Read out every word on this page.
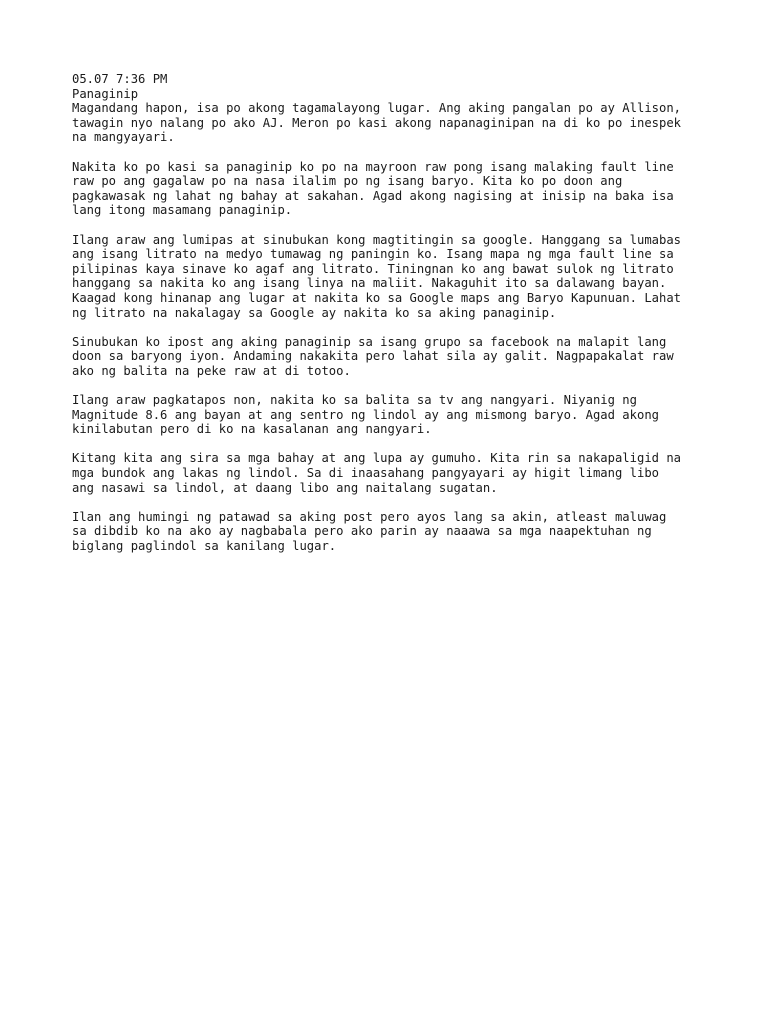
05.07 7:36 PM
Panaginip
Magandang hapon, isa po akong tagamalayong lugar. Ang aking pangalan po ay Allison,
tawagin nyo nalang po ako AJ. Meron po kasi akong napanaginipan na di ko po inespek
na mangyayari.
Nakita ko po kasi sa panaginip ko po na mayroon raw pong isang malaking fault line
raw po ang gagalaw po na nasa ilalim po ng isang baryo. Kita ko po doon ang
pagkawasak ng lahat ng bahay at sakahan. Agad akong nagising at inisip na baka isa
lang itong masamang panaginip.
Ilang araw ang lumipas at sinubukan kong magtitingin sa google. Hanggang sa lumabas
ang isang litrato na medyo tumawag ng paningin ko. Isang mapa ng mga fault line sa
pilipinas kaya sinave ko agaf ang litrato. Tiningnan ko ang bawat sulok ng litrato
hanggang sa nakita ko ang isang linya na maliit. Nakaguhit ito sa dalawang bayan.
Kaagad kong hinanap ang lugar at nakita ko sa Google maps ang Baryo Kapunuan. Lahat
ng litrato na nakalagay sa Google ay nakita ko sa aking panaginip.
Sinubukan ko ipost ang aking panaginip sa isang grupo sa facebook na malapit lang
doon sa baryong iyon. Andaming nakakita pero lahat sila ay galit. Nagpapakalat raw
ako ng balita na peke raw at di totoo.
Ilang araw pagkatapos non, nakita ko sa balita sa tv ang nangyari. Niyanig ng
Magnitude 8.6 ang bayan at ang sentro ng lindol ay ang mismong baryo. Agad akong
kinilabutan pero di ko na kasalanan ang nangyari.
Kitang kita ang sira sa mga bahay at ang lupa ay gumuho. Kita rin sa nakapaligid na
mga bundok ang lakas ng lindol. Sa di inaasahang pangyayari ay higit limang libo
ang nasawi sa lindol, at daang libo ang naitalang sugatan.
Ilan ang humingi ng patawad sa aking post pero ayos lang sa akin, atleast maluwag
sa dibdib ko na ako ay nagbabala pero ako parin ay naaawa sa mga naapektuhan ng
biglang paglindol sa kanilang lugar.
